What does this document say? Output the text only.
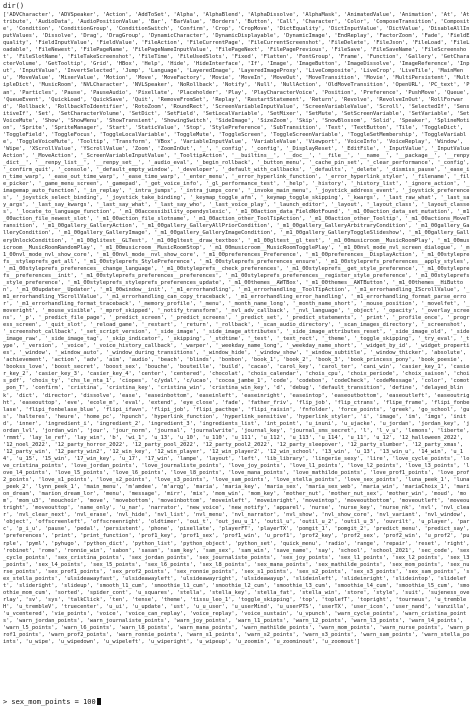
dir()
['ADVCharacter', 'ADVSpeaker', 'Action', 'AddToSet', 'Alpha', 'AlphaBlend', 'AlphaDissolve', 'AlphaMask', 'AnimatedValue', 'Animation', 'At', 'Attribute', 'AudioData', 'AudioPositionValue', 'Bar', 'BarValue', 'Borders', 'Button', 'Call', 'Character', 'Color', 'ComposeTransition', 'Composite', 'Condition', 'ConditionGroup', 'ConditionSwitch', 'Confirm', 'Crop', 'CropMove', 'DictEquality', 'DictInputValue', 'DictValue', 'DisableAllInputValues', 'Dissolve', 'Drag', 'DragGroup', 'DynamicCharacter', 'DynamicDisplayable', 'DynamicImage', 'EndReplay', 'FactorZoom', 'Fade', 'FieldEquality', 'FieldInputValue', 'FieldValue', 'FileAction', 'FileCurrentPage', 'FileCurrentScreenshot', 'FileDelete', 'FileJson', 'FileLoad', 'FileLoadable', 'FileNewest', 'FilePageName', 'FilePageNameInputValue', 'FilePageNext', 'FilePagePrevious', 'FileSave', 'FileSaveName', 'FileScreenshot', 'FileSlotName', 'FileTakeScreenshot', 'FileTime', 'FileUsedSlots', 'Fixed', 'Flatten', 'FontGroup', 'Frame', 'Function', 'Gallery', 'GetCharacterVolume', 'GetTooltip', 'Grid', 'HBox', 'Help', 'Hide', 'HideInterface', 'If', 'Image', 'ImageButton', 'ImageDissolve', 'ImageReference', 'Input', 'InputValue', 'InvertSelected', 'Jump', 'Language', 'LayeredImage', 'LayeredImageProxy', 'LiveComposite', 'LiveCrop', 'LiveTile', 'MainMenu', 'MoveValue', 'MixerValue', 'Motion', 'Move', 'MoveFactory', 'Movie', 'MoveIn', 'MoveOut', 'MoveTransition', 'Movie', 'MultiPersistent', 'MultipleDict', 'MusicRoom', 'NVLCharacter', 'NVLSpeaker', 'NoRollback', 'Notify', 'Null', 'NullAction', 'OldMoveTransition', 'OpenURL', 'PC_text', 'Pan', 'Particles', 'Pause', 'PauseAudio', 'Pixellate', 'Placeholder', 'Play', 'PlayCharacterVoice', 'Position', 'Preference', 'PushMove', 'Queue', 'QueueEvent', 'QuickLoad', 'QuickSave', 'Quit', 'RemoveFromSet', 'Replay', 'RestartStatement', 'Return', 'Revolve', 'RevolveInOut', 'RollForward', 'Rollback', 'RollbackToIdentifier', 'RotoZoom', 'RoundRect', 'ScreenVariableInputValue', 'ScreenVariableValue', 'Scroll', 'SelectedIf', 'SensitiveIf', 'Set', 'SetCharacterVolume', 'SetDict', 'SetField', 'SetLocalVariable', 'SetMixer', 'SetMute', 'SetScreenVariable', 'SetVariable', 'SetVoiceMute', 'Show', 'ShowMenu', 'ShowTransient', 'ShowingSwitch', 'SideImage', 'SizeZoom', 'Skip', 'SnowBlossom', 'Solid', 'Speaker', 'SplineMotion', 'Sprite', 'SpriteManager', 'Start', 'StaticValue', 'Stop', 'StylePreference', 'SubTransition', 'Text', 'TextButton', 'Tile', 'ToggleDict', 'ToggleField', 'ToggleFocus', 'ToggleLocalVariable', 'ToggleMute', 'ToggleScreen', 'ToggleScreenVariable', 'ToggleSetMembership', 'ToggleVariable', 'ToggleVoiceMute', 'Tooltip', 'Transform', 'VBox', 'VariableInputValue', 'VariableValue', 'Viewport', 'VoiceInfo', 'VoiceReplay', 'Window', 'Wipe', 'XScrollValue', 'YScrollValue', 'Zoom', 'ZoomInOut', '_', '_config', '_config', '_DisplayReset', '_EditFile', '_InputValue', '_InputValueAction', '_MoveAction', '_ScreenVariableInputValue', '_TooltipAction', '__builtins__', '__doc__', '__file__', '__name__', '__package__', '__renpy_dict__', '__renpy_list__', '__renpy_set__', '_audio_eval', '_begin_rollback', '_button_menu', '_cache_pin_set', '_clear_performance', '_config', '_confirm_quit', '_console', '_default_empty_window', '_developer', '_default_with_callbacks', '_defaults', '_delete', '_dismiss_pause', '_ease_in_time_warp', '_ease_out_time_warp', '_ease_time_warp', '_enter_menu', '_error_hyperlink_function', '_error_hyperlink_styler', '_filename', '_file_picker', '_game_menu_screen', '_gamepad', '_get_voice_info', '_gl_performance_test', '_help', '_history', '_history_list', '_ignore_action', '_imagemap_auto_function', '_in_replay', '_intra_jumps', '_intra_jumps_core', '_invoke_main_menu', '_joystick_address_event', '_joystick_preferences', '_joystick_select_binding', '_joystick_take_binding', '_keymap_toggle_afm', '_keymap_toggle_skipping', '_kwargs', '_last_raw_what', '_last_say_args', '_last_say_kwargs', '_last_say_what', '_last_say_who', '_last_voice_play', '_launch_editor', '_layout', '_layout_class', '_layout_classes', '_locate_to_language_function', '_m1_00accessibility_opendyslexic', '_m1_00action_data_FieldNotFound', '_m1_00action_data_set_mutation', '_m1_00action_file_newest_slot', '_m1_00action_file_slotname', '_m1_00action_other_ToolTipAction', '_m1_00action_other_Tooltip', '_m1_00actions_MoveTransition', '_m1_00gallery_GalleryAction', '_m1_00gallery_GalleryAllPriorCondition', '_m1_00gallery_GalleryArbitraryCondition', '_m1_00gallery_GalleryCondition', '_m1_00gallery_GalleryImage', '_m1_00gallery_GalleryImageCondition', '_m1_00gallery_GalleryToggleSlideshow', '_m1_00gallery_GalleryUnlockCondition', '_m1_00glitest__GLTest', '_m1_00gltest__draw_textbox', '_m1_00gltest__gl_test', '_m1_00musicroom__MusicRoomPlay', '_m1_00musicroom__MusicRoomRandomPlay', '_m1_00musicroom__MusicRoomStop', '_m1_00musicroom__MusicRoomTogglePlay', '_m1_00nvl_mode_nvl_screen_dialogue', '_m1_00nvl_mode_nvl_show_core', '_m1_00nvl_mode__nvl_show_core', '_m1_00preferences_Preference', '_m1_00preferences__DisplayAction', '_m1_00styleprefs__styleprefs_get_all', '_m1_00styleprefs_StylePreference', '_m1_00styleprefs_preferences_ensure', '_m1_00styleprefs_preferences__apply_styles', '_m1_00styleprefs_preferences__change_language', '_m1_00styleprefs__check_preferences', '_m1_00styleprefs__get_style_preference', '_m1_00styleprefs__preferences__init', '_m1_00styleprefs_preferences__preferences', '_m1_00styleprefs_preferences__register_style_preference', '_m1_00styleprefs_style_preference', '_m1_00styleprefs_styleprefs_preferences_update', '_m1_00themes__AWTBox', '_m1_00themes__AWTButton', '_m1_00themes__HiButton', '_m1_00updater__Updater', '_m1_00window__init', '_m1_errorhandling', '_m1_errorhandling__ToolTipAction', '_m1_errorhandling_IScrollValue', '_m1_errorhandling_YScrollValue', '_m1_errorhandling_can_copy_traceback', '_m1_errorhandling_error_handling', '_m1_errorhandling_format_parse_error', '_m1_errorhandling_format_traceback', '_memory_profile', '_menu', '_month_name_long', '_month_name_short', '_mouse_position', '_movelfet', '_moveright', '_mouse_visible', '_mprof_skipped', '_notify_transform', '_nvl_adv_callback', '_nvl_language', '_object', '_opacity', '_overlay_screens', '_p', '_predict_file_page', '_predict_screen', '_predict_screens', '_predict_set', '_predict_statements', '_print', '_profile_once', '_progress_screen', '_quit_slot', '_reload_game', '_restart', '_return', '_rollback', '_scan_audio_directory', '_scan_images_directory', '_screenshot', '_screenshot_callback', '_set_script_version', '_side_image', '_side_image_attributes', '_side_image_attributes_reset', '_side_image_old', '_side_image_raw', '_side_image_tag', '_skip_indicator', '_skipping', '_stdtime', '_test', '_text_rect', '_theme', '_toggle_skipping', '_try_eval', '_type', '_version', '_voice', '_voice_history_callback', '_warper', '_weekday_name_long', '_weekday_name_short', '_widget_by_id', '_widget_properties', '_window', '_window_auto', '_window_during_transitions', '_window_hide', '_window_show', '_window_subtitle', '_window_thicker', 'absolute', 'achievement', 'action', 'adv', 'aim', 'audio', 'beach', 'blinds', 'bonbon', 'book_1', 'book_2', 'book_3', 'book_princess_pony', 'book_poesie', 'bookss_love', 'boost_secret', 'boost_sex', 'bouche', 'bouteille', 'build', 'cacao', 'carol_key', 'carol_ter', 'cani_win', 'casier_key_1', 'casier_key_2', 'casier_key_3', 'casier_key_4', 'center', 'centered', 'chocolat', 'chois_calendar', 'chois_cpu', 'choix_periode', 'choix_saison', 'chois_pdf', 'chois_ty', 'chs_le_nta_1', 'ciopes', 'c/ydal', 'c/ucao', 'cocoa_jambe_1', 'code', 'codebon', 'codeCheck', 'codeMessage', 'color', 'comot_pon_T', 'confirm', 'cristina', 'cristina_key', 'cristina_win', 'cristina_win_key', 'd', 'debug', 'default_transition', 'define', 'delayed_blink', 'dict', 'director', 'dissolve', 'ease', 'easeinbottom', 'easeinleft', 'easeinright', 'easeintop', 'easeoutbottom', 'easeoutleft', 'easeoutright', 'easeouttop', 'eve', 'ecole_m', 'eval', 'extend', 'eye_close', 'fade', 'father_friv', 'flip_job', 'flip_ctrans', 'flipe_frame', 'flipi_fonbelase', 'flipi_fonbelase_blue', 'flipi_ifavn', 'flipi_job', 'flipi_pacthqe', 'flipi_raisin', 'fnfolder', 'force_points', 'greek', 'go_school', 'gus', 'halteres', 'heure', 'home_pc', 'hpunch', 'hyperlink_function', 'hyperlink_sensitive', 'hyperlink_styler', 'i', 'image', 'im', 'imgs', 'initd', 'inner', 'ingredient_i', 'ingredient_2', 'ingredient_3', 'ingredients_list', 'int_point', 'u_inuni', 'u_ujacke', 'u_jordan', 'jordan_key', 'jordan_lvl', 'jordan_win', 'jour', 'jour_norm', 'journal', 'journalwrite', 'journal_key', 'journal_sms_secret', 'l', 'l_v_u', 'lemons', 'liberte', 'rmmt', 'lay_le_ref', 'lay_win', 'b', 'wi_1', 'u_13', 'u_10', 'u_110', 'u_111', 'u_112', 'u_113', 'u_114', 'u_11', 'u_12', '12_halloween_2022', '12_noel_2022', '12_party_horror_2022', '12_party_pool_2022', '12_party_pool2_2022', '12_party_sleepover', '12_party_slumber', '12_party_xmas', '12_party_win', '12_party_win2', '12_win_key', '12_win_player', '12_win_player2', '12_win_school', '13_win', 'u_13', '13_win_u', '14_win', 'u_14', 'u_15', '15_win', '17_win_key', 'u_17', '17_win', 'lampe', 'layout', 'left', 'lib_library', 'lingerie_sexy', 'lire', 'love_cycle_points', 'love_cristina_points', 'love_jordan_points', 'love_journaliste_points', 'love_joy_points', 'love_l1_points', 'love_l2_points', 'love_l3_points', 'love_l4_points', 'love_l5_points', 'love_l6_points', 'love_l8_points', 'love_mana_points', 'love_mathilde_points', 'love_prof1_points', 'love_prof2_points', 'love_s1_points', 'love_s2_points', 'love_s3_points', 'love_sam_points', 'love_stella_points', 'love_sex_points', 'luna_peek_1', 'luna_peek_2', 'lynn_peek_1', 'main_menu', 'm'amdee', 'm'arqg', 'maria', 'maria_key', 'maria_sex', 'maria_sex_web', 'maria_win', 'mariaChoix_1', 'marion_dream', 'marion_dream_lor', 'menu', 'message', 'mirr', 'mix', 'mom_win', 'mom_key', 'mother_nut', 'mother_nut_sex', 'mother_win', 'moud', 'mom', 'mom_u3', 'mouchoir', 'move', 'movebottom', 'moveinbottom', 'moveinleft', 'moveinright', 'moveintop', 'moveoutbottom', 'moveoutleft', 'moveoutright', 'moveouttop', 'name_only', 'u_nar', 'narrator', 'new_voice', 'new_notify', 'apparel', 'nurse', 'nurse_key', 'nurse_nk', 'nvl', 'nvl_clear', 'nvl_clear_next', 'nvl_erase', 'nvl_hide', 'nvl_list', 'nvl_menu', 'nvl_narrator', 'nvl_show', 'nvl_show_core', 'nvl_variant', 'nvl_window', 'object', 'offscreenleft', 'offscreenright', 'oldtimer', 'oui_t', 'out_jeu_u_1', 'outil_u', 'outil_u_2', 'outil_u_3', 'ouvrilt', 'u_player', 'parc', 'p_i_u', 'pause', 'pedal', 'persistent', 'phone', 'pixellate', 'playerFT', 'playerTX', 'pomgit_1', 'pomgit_2', 'predict_menu', 'predict_say', 'preferences', 'print', 'print_function', 'prof1_key', 'prof1_sex', 'prof1_win', 'u_prof1', 'prof2_key', 'prof2_sex', 'prof2_win', 'u_prof2', 'purple', 'pyml', 'pyhugo', 'python_dict', 'python_list', 'python_object', 'python_set', 'quick_menu', 'radio', 'range', 'repair', 'reset', 'right', 'robinet', 'rome', 'ronnie_win', 'sabon', 'sasan', 'sam_key', 'sam_sex', 'sam_win', 'save_name', 'say', 'school', 'school_2021', 'sec_code', 'sex_cycle_points', 'sex_cristina_points', 'sex_jordan_points', 'sex_journaliste_points', 'sex_joy_points', 'sex_l1_points', 'sex_l2_points', 'sex_l3_points', 'sex_l4_points', 'sex_l5_points', 'sex_l6_points', 'sex_l8_points', 'sex_mana_points', 'sex_mathilde_points', 'sex_mom_points', 'sex_nurse_points', 'sex_prof1_points', 'sex_prof2_points', 'sex_ronnie_points', 'sex_s1_points', 'sex_s2_points', 'sex_s3_points', 'sex_sam_points', 'sex_stella_points', 'ulsideawayfast', 'ulsideawayleft', 'ulsideawayright', 'ulsideawayup', 'slideinleft', 'slideinright', 'slideintop', 'slideleft', 'slideright', 'slideup', 'smooth_l1_cum', 'smoothie_l1_cum', 'smoothie_l2_cum', 'smoothie_l3_cum', 'smoothie_l4_cum', 'smoothie_l5_cum', 'smoothie_mom_cum', 'sorted', 'spider_cont', 'u_squares', 'stella', 'stella_key', 'stella_fat', 'stella_win', 'store', 'style', 'suit', 'sujeness_overlay', 'sv', 'sys', 'talkClick', 'ten', 'tense', 'theme', 'tissu_leo_1', 'toggle_skipping', 'top', 'toplefT', 'topright', 'tourneus', 'u_trembleH', 'u_trembleV', 'truecenter', 'u_ui', 'u_update', 'ust', 'u_u_user', 'u_userMind', 'u_userPTS', 'userTX', 'user_icon', 'user_nand', 'vanzilla', 'u_vcentered', 'vie_points', 'voice', 'voice_can_replay', 'voice_replay', 'voice_sustain', 'u_vpunch', 'warn_cycle_points', 'warn_cristina_points', 'warn_jordan_points', 'warn_journaliste_points', 'warn_joy_points', 'warn_l1_points', 'warn_l2_points', 'warn_l3_points', 'warn_l4_points', 'warn_l5_points', 'warn_l6_points', 'warn_l8_points', 'warn_mana_points', 'warn_mathilde_points', 'warn_mom_points', 'warn_nurse_points', 'warn_prof1_points', 'warn_prof2_points', 'warn_ronnie_points', 'warn_s1_points', 'warn_s2_points', 'warn_s3_points', 'warn_sam_points', 'warn_stella_points', 'u_wipe', 'u_wipedown', 'u_wipeleft', 'u_wiperight', 'u_wipeup', 'u_zoomin', 'u_zoominout', 'u_zoomout']
> sex_mom_points = 100
